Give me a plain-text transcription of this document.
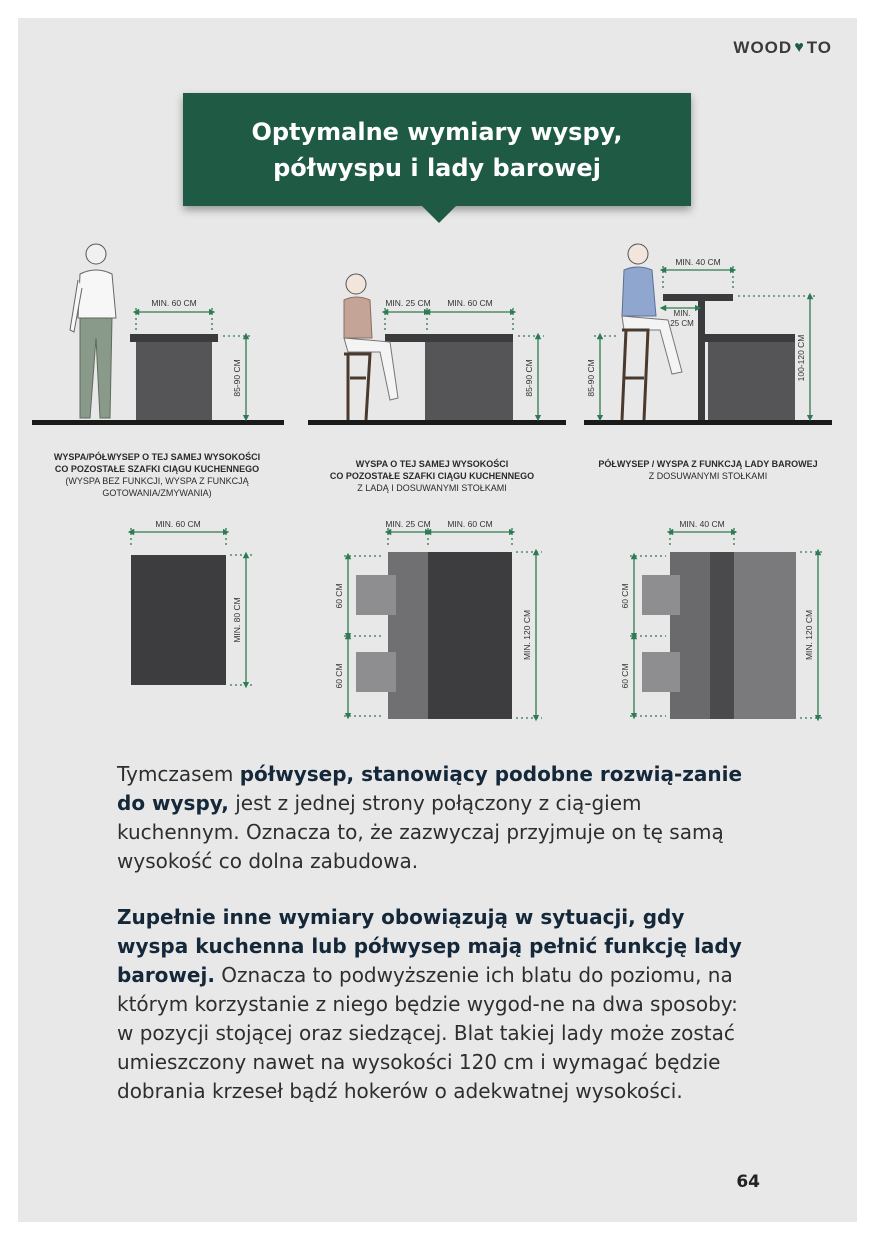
WOOD ♥ TO
MIN. 60 CM
85-90 CM
MIN. 25 CM MIN. 60 CM
85-90 CM
MIN. 40 CM
MIN.
25 CM
85-90 CM	100-120 CM
MIN. 60 CM
MIN. 80 CM
MIN. 25 CM MIN. 60 CM
60 CM
60 CM
MIN. 120 CM
MIN. 40 CM
60 CM
60 CM
MIN. 120 CM
Optymalne wymiary wyspy,
półwyspu i lady barowej
WYSPA/PÓŁWYSEP O TEJ SAMEJ WYSOKOŚCI
CO POZOSTAŁE SZAFKI CIĄGU KUCHENNEGO
(WYSPA BEZ FUNKCJI, WYSPA Z FUNKCJĄ
GOTOWANIA/ZMYWANIA)
WYSPA O TEJ SAMEJ WYSOKOŚCI
CO POZOSTAŁE SZAFKI CIĄGU KUCHENNEGO
Z LADĄ I DOSUWANYMI STOŁKAMI
PÓŁWYSEP / WYSPA Z FUNKCJĄ LADY BAROWEJ
Z DOSUWANYMI STOŁKAMI

Tymczasem półwysep, stanowiący podobne rozwią-zanie do wyspy, jest z jednej strony połączony z cią-giem kuchennym. Oznacza to, że zazwyczaj przyjmuje on tę samą wysokość co dolna zabudowa.

Zupełnie inne wymiary obowiązują w sytuacji, gdy wyspa kuchenna lub półwysep mają pełnić funkcję lady barowej. Oznacza to podwyższenie ich blatu do poziomu, na którym korzystanie z niego będzie wygod-ne na dwa sposoby: w pozycji stojącej oraz siedzącej. Blat takiej lady może zostać umieszczony nawet na wysokości 120 cm i wymagać będzie dobrania krzeseł bądź hokerów o adekwatnej wysokości.

64
